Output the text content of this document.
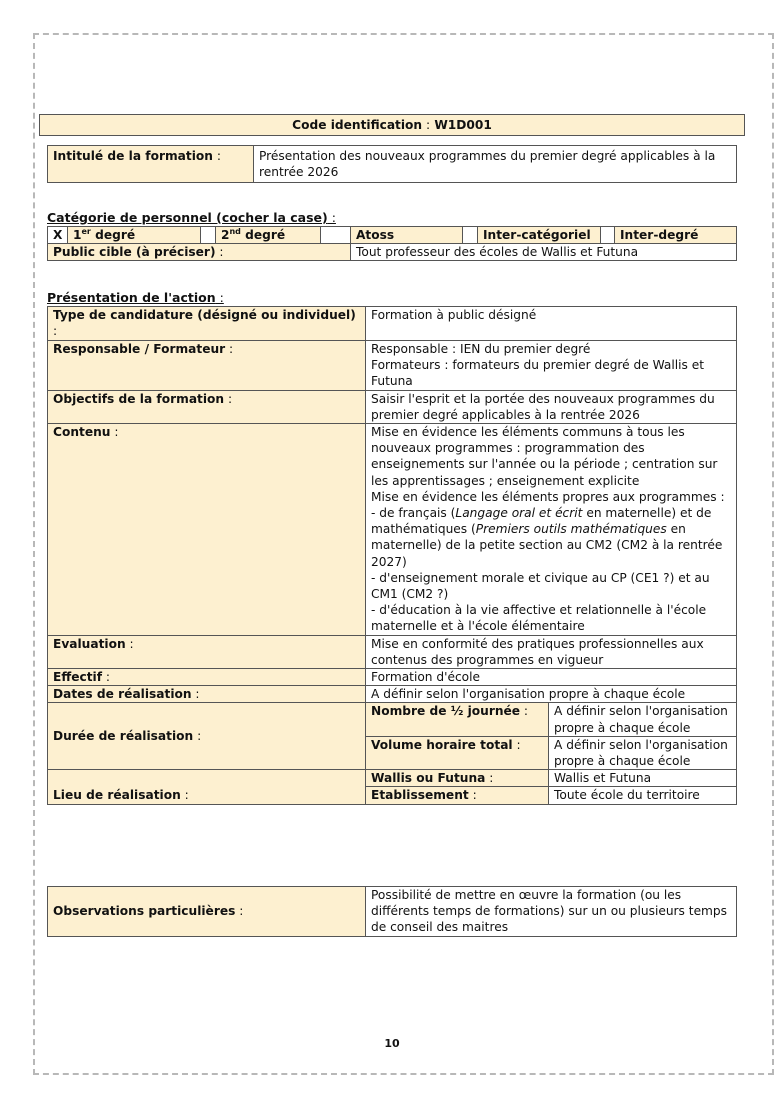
Code identification : W1D001
Intitulé de la formation :	Présentation des nouveaux programmes du premier degré applicables à la rentrée 2026
Catégorie de personnel (cocher la case) :
X	1er degré		2nd degré		Atoss		Inter-catégoriel		Inter-degré
Public cible (à préciser) :					Tout professeur des écoles de Wallis et Futuna				
Présentation de l'action :
Type de candidature (désigné ou individuel) :	Formation à public désigné	
Responsable / Formateur :	Responsable : IEN du premier degré
Formateurs : formateurs du premier degré de Wallis et Futuna	

Objectifs de la formation :	Saisir l'esprit et la portée des nouveaux programmes du premier degré applicables à la rentrée 2026	
Contenu :	Mise en évidence les éléments communs à tous les nouveaux programmes : programmation des enseignements sur l'année ou la période ; centration sur les apprentissages ; enseignement explicite
Mise en évidence les éléments propres aux programmes :
- de français (Langage oral et écrit en maternelle) et de mathématiques (Premiers outils mathématiques en maternelle) de la petite section au CM2 (CM2 à la rentrée 2027)
- d'enseignement morale et civique au CP (CE1 ?) et au CM1 (CM2 ?)
- d'éducation à la vie affective et relationnelle à l'école maternelle et à l'école élémentaire	

Evaluation :	Mise en conformité des pratiques professionnelles aux contenus des programmes en vigueur	
Effectif :	Formation d'école	
Dates de réalisation :	A définir selon l'organisation propre à chaque école	
Durée de réalisation :	Nombre de ½ journée :	A définir selon l'organisation propre à chaque école
	Volume horaire total :	A définir selon l'organisation propre à chaque école
Lieu de réalisation :	Wallis ou Futuna :	Wallis et Futuna
	Etablissement :	Toute école du territoire
Observations particulières :	Possibilité de mettre en œuvre la formation (ou les différents temps de formations) sur un ou plusieurs temps de conseil des maitres
10
